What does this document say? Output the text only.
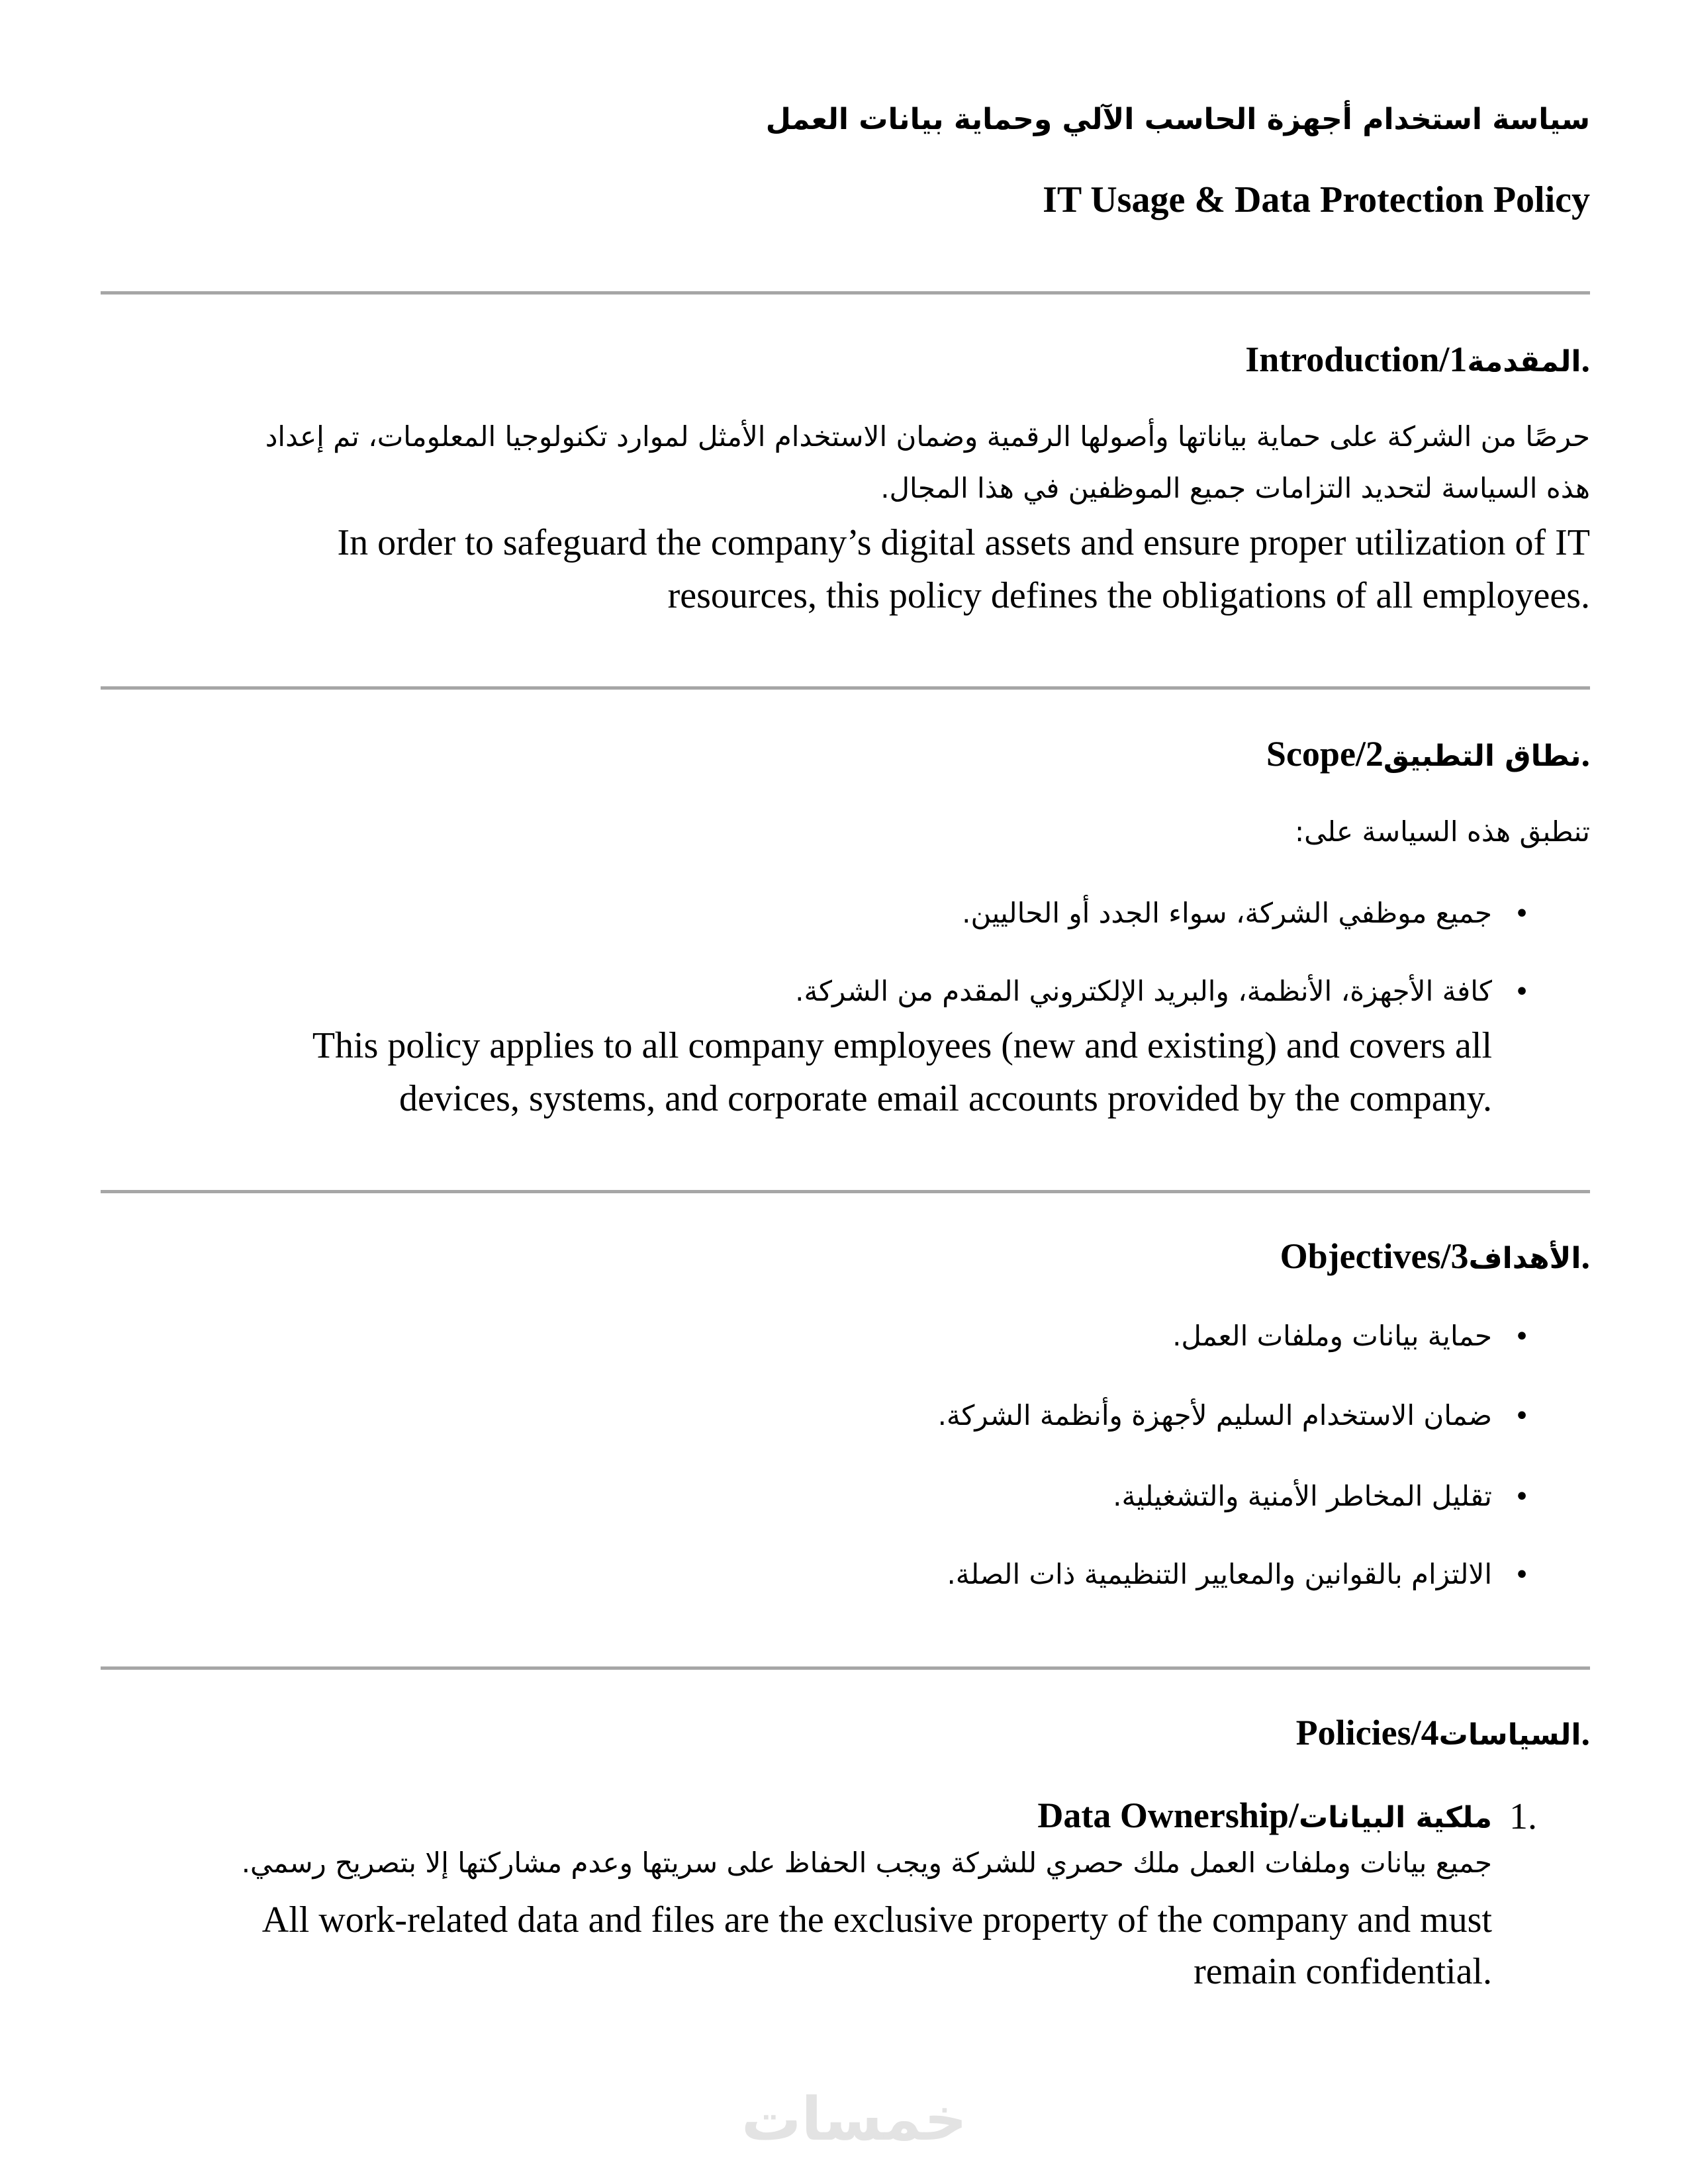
سياسة استخدام أجهزة الحاسب الآلي وحماية بيانات العمل
IT Usage & Data Protection Policy
Introduction/ المقدمة1.
حرصًا من الشركة على حماية بياناتها وأصولها الرقمية وضمان الاستخدام الأمثل لموارد تكنولوجيا المعلومات، تم إعداد
هذه السياسة لتحديد التزامات جميع الموظفين في هذا المجال.
In order to safeguard the company’s digital assets and ensure proper utilization of IT
resources, this policy defines the obligations of all employees.
Scope/ نطاق التطبيق2.
تنطبق هذه السياسة على:
•جميع موظفي الشركة، سواء الجدد أو الحاليين.
•كافة الأجهزة، الأنظمة، والبريد الإلكتروني المقدم من الشركة.
This policy applies to all company employees (new and existing) and covers all
devices, systems, and corporate email accounts provided by the company.
Objectives/ الأهداف3.
•حماية بيانات وملفات العمل.
•ضمان الاستخدام السليم لأجهزة وأنظمة الشركة.
•تقليل المخاطر الأمنية والتشغيلية.
•الالتزام بالقوانين والمعايير التنظيمية ذات الصلة.
Policies/ السياسات4.
1.
Data Ownership/ملكية البيانات
جميع بيانات وملفات العمل ملك حصري للشركة ويجب الحفاظ على سريتها وعدم مشاركتها إلا بتصريح رسمي.
All work-related data and files are the exclusive property of the company and must
remain confidential.
خمسات
